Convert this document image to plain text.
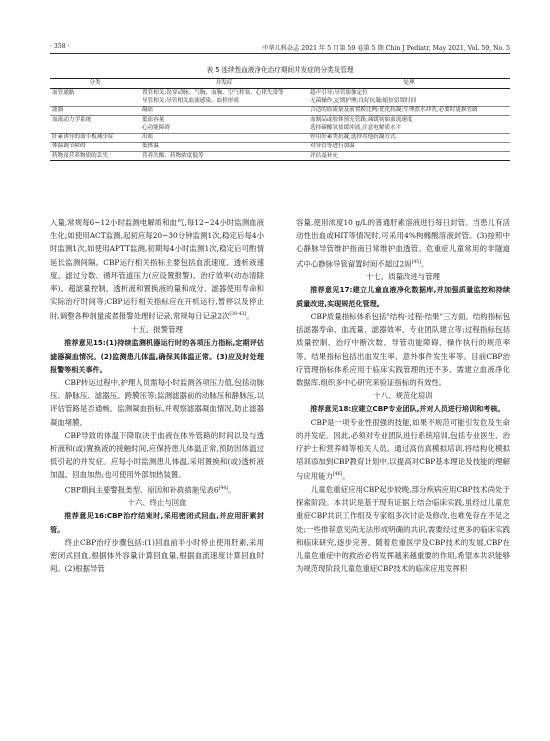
· 358 ·	中华儿科杂志 2021 年 5 月第 59 卷第 5 期 Chin J Pediatr, May 2021, Vol. 59, No. 5
表 5 连续性血液净化治疗期间并发症的分类及管理
分类	并发症	处理
血管通路	置管相关:误穿动脉、气胸、血胸、空气栓塞、心律失常等	超声引导;导管影像定位
	导管相关:导管相关血流感染、血栓形成	无菌操作,定期护理;良好抗凝;缩短留置时间
滤器	凝血	合适的血流量及前置换比例;优化抗凝;生理盐水冲洗,必要时更换管路
血流动力学系统	低血容量	血制品或胶体预充管路;减缓初始血流速度
	心功能障碍	选择碳酸氢盐缓冲液,注意电解质水平
肝素诱导的血小板减少症	出血	停用肝素类抗凝,选择其他抗凝方式
体温调节障碍	低体温	对导管等进行加温
药物及营养物质的丢失	营养失衡、药物浓度低等	评估及补充

入量,常规每6~12小时监测电解质和血气,每12~24小时监测血液生化;如使用ACT监测,起初应每20~30分钟监测1次,稳定后每4小时监测1次,如使用APTT监测,初期每4小时监测1次,稳定后可酌情延长监测间隔。CBP运行相关指标主要包括血流速度、透析液速度、滤过分数、循环管道压力(应设置报警)、治疗效率(动态清除率)、超滤量控制、透析液和置换液的量和成分、滤器使用寿命和实际治疗时间等;CBP运行相关指标应在开机运行,暂停以及停止时,调整各种剂量或者报警处理时记录,常规每日记录2次[38-43]。

十五、报警管理

推荐意见15:(1)持续监测机器运行时的各项压力指标,定期评估滤器凝血情况。(2)监测患儿体温,确保其体温正常。(3)应及时处理报警等相关事件。

CBP转运过程中,护理人员需每小时监测各项压力值,包括动脉压、静脉压、滤器压、跨膜压等;监测滤器前的动脉压和静脉压,以评估管路是否通畅。监测凝血指标,并观察滤器凝血情况,防止滤器凝血堵膜。

CBP导致的体温下降取决于血液在体外管路的时间以及与透析液和(或)置换液的接触时间,应保持患儿体温正常,预防因体温过低引起的并发症。应每小时监测患儿体温,采用置换和(或)透析液加温、回血加热;也可使用外部加热装置。

CBP期间主要警报类型、原因和补救措施见表6[44]。

十六、终止与回血

推荐意见16:CBP治疗结束时,采用密闭式回血,并应用肝素封管。

终止CBP治疗步骤包括:(1)回血前半小时停止使用肝素,采用密闭式回血,根据体外容量计算回血量,根据血流速度计算回血时间。(2)根据导管

容量,使用浓度10 g/L的普通肝素溶液进行每日封管。当患儿有活动性出血或HIT等情况时,可采用4%枸橼酸溶液封管。(3)按照中心静脉导管维护指南日常维护血透管。危重症儿童常用的非隧道式中心静脉导管留置时间不超过2周[45]。

十七、质量改进与管理

推荐意见17:建立儿童血液净化数据库,并加强质量监控和持续质量改进,实现规范化管理。

CBP质量指标体系包括"结构-过程-结果"三方面。结构指标包括滤器寿命、血流量、滤器效率、专业团队建立等;过程指标包括质量控制、治疗中断次数、导管功能障碍、操作执行的规范率等。结果指标包括出血发生率、意外事件发生率等。目前CBP治疗管理指标体系应用于临床实践管理的还不多。需建立血液净化数据库,组织多中心研究来验证指标的有效性。

十八、规范化培训

推荐意见18:应建立CBP专业团队,并对人员进行培训和考核。

CBP是一项专业性很强的技能,如果不规范可能引发危及生命的并发症。因此,必须对专业团队进行系统培训,包括专业医生、治疗护士和营养师等相关人员。通过高仿真模拟培训,将结构化模拟培训添加到CBP教育计划中,以提高对CBP基本理论及技能的理解与应用能力[46]。

儿童危重症应用CBP起步较晚,部分疾病应用CBP技术尚处于探索阶段。本共识是基于现有证据上结合临床实践,虽经过儿童危重症CBP共识工作组及专家组多次讨论及修改,也难免存在不足之处;一些推荐意见尚无法形成明确的共识,需要经过更多的临床实践和临床研究,逐步完善。随着危重医学及CBP技术的发展,CBP在儿童危重症中的救治必将发挥越来越重要的作用,希望本共识能够为规范现阶段儿童危重症CBP技术的临床应用发挥积
